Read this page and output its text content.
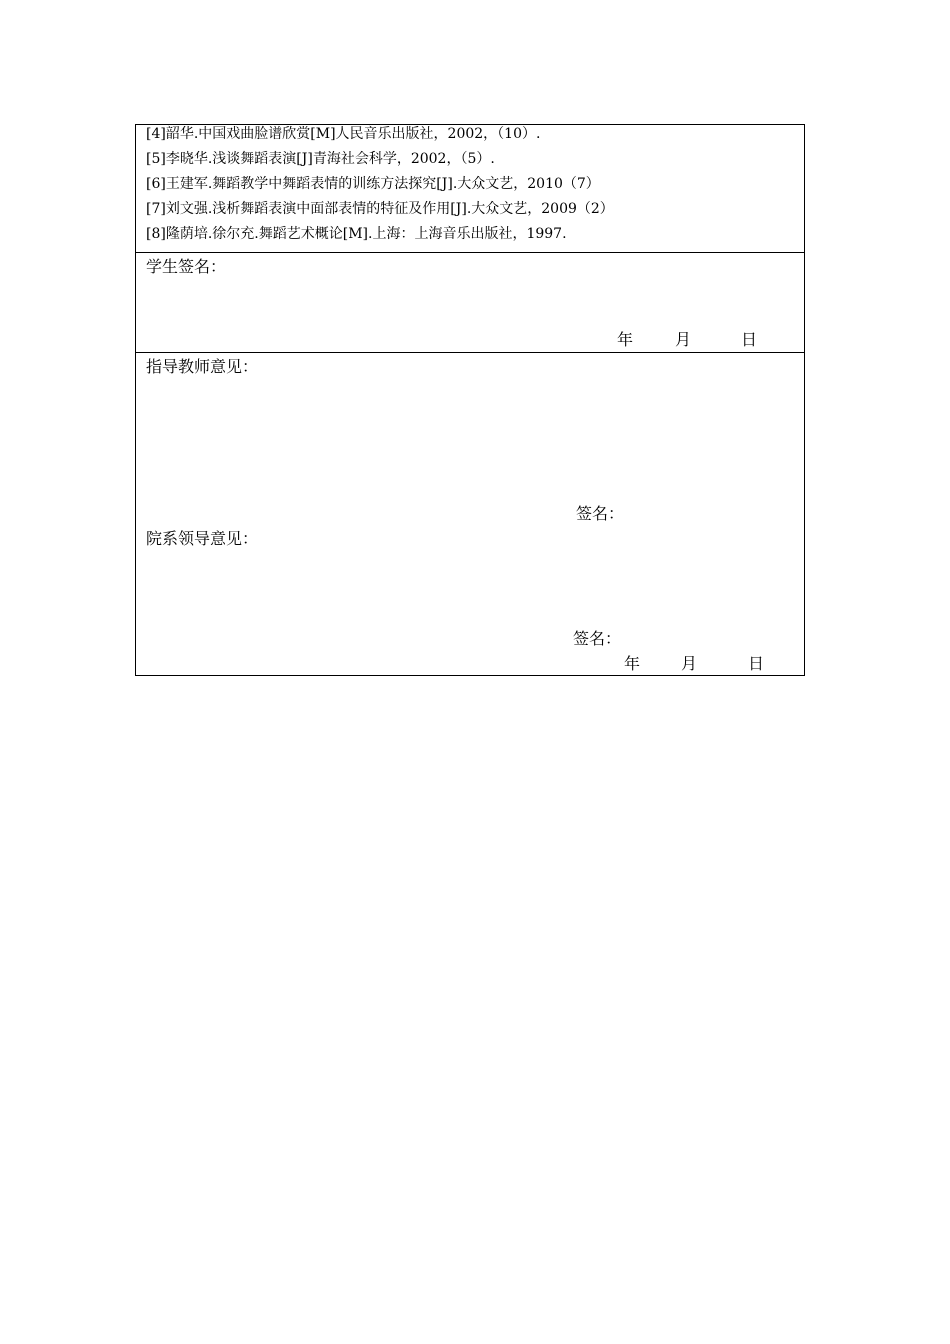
[4]韶华.中国戏曲脸谱欣赏[M]人民音乐出版社，2002，（10）.
[5]李晓华.浅谈舞蹈表演[J]青海社会科学，2002，（5）.
[6]王建军.舞蹈教学中舞蹈表情的训练方法探究[J].大众文艺，2010（7）
[7]刘文强.浅析舞蹈表演中面部表情的特征及作用[J].大众文艺，2009（2）
[8]隆荫培.徐尔充.舞蹈艺术概论[M].上海：上海音乐出版社，1997.
学生签名：
年	月	日
指导教师意见：
签名：
院系领导意见：
签名：
年	月	日
